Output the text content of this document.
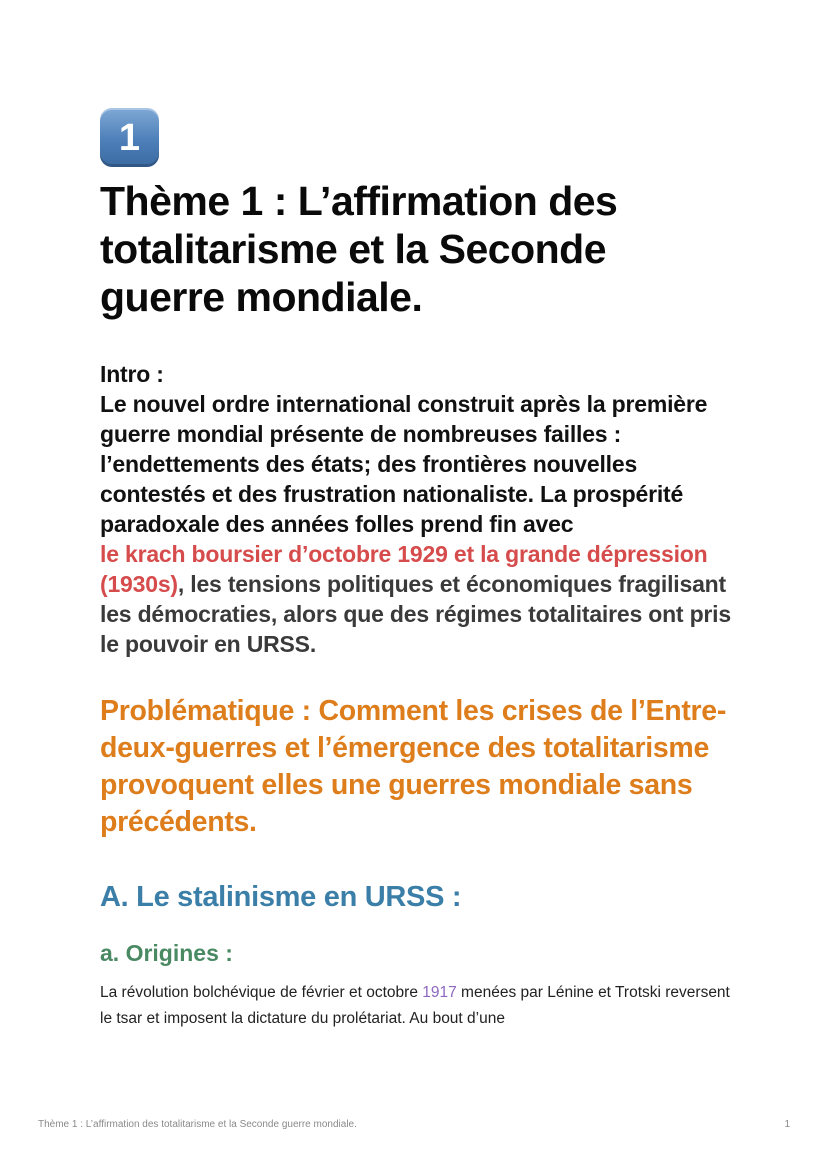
1
Thème 1 : L’affirmation des totalitarisme et la Seconde guerre mondiale.
Intro :
Le nouvel ordre international construit après la première guerre mondial présente de nombreuses failles : l’endettements des états; des frontières nouvelles contestés et des frustration nationaliste. La prospérité paradoxale des années folles prend fin avec
le krach boursier d’octobre 1929 et la grande dépression (1930s), les tensions politiques et économiques fragilisant les démocraties, alors que des régimes totalitaires ont pris le pouvoir en URSS.
Problématique : Comment les crises de l’Entre-deux-guerres et l’émergence des totalitarisme provoquent elles une guerres mondiale sans précédents.
A. Le stalinisme en URSS :
a. Origines :

La révolution bolchévique de février et octobre 1917 menées par Lénine et Trotski reversent le tsar et imposent la dictature du prolétariat. Au bout d’une

Thème 1 : L’affirmation des totalitarisme et la Seconde guerre mondiale.	1
